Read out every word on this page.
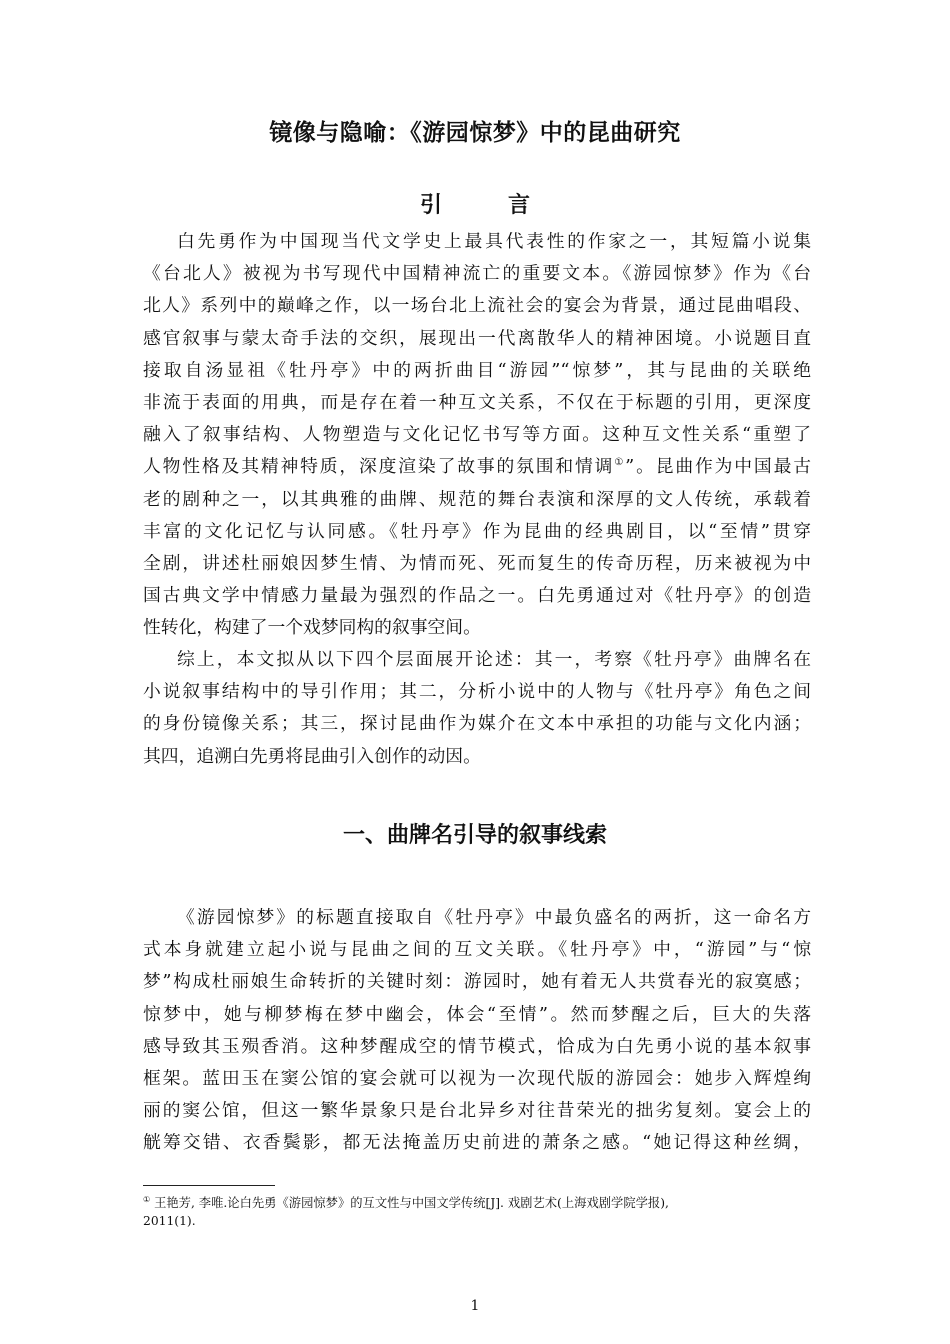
镜像与隐喻：《游园惊梦》中的昆曲研究
引	言
白先勇作为中国现当代文学史上最具代表性的作家之一，其短篇小说集
《台北人》被视为书写现代中国精神流亡的重要文本。《游园惊梦》作为《台
北人》系列中的巅峰之作，以一场台北上流社会的宴会为背景，通过昆曲唱段、
感官叙事与蒙太奇手法的交织，展现出一代离散华人的精神困境。小说题目直
接取自汤显祖《牡丹亭》中的两折曲目“游园”“惊梦”，其与昆曲的关联绝
非流于表面的用典，而是存在着一种互文关系，不仅在于标题的引用，更深度
融入了叙事结构、人物塑造与文化记忆书写等方面。这种互文性关系“重塑了
人物性格及其精神特质，深度渲染了故事的氛围和情调①”。昆曲作为中国最古
老的剧种之一，以其典雅的曲牌、规范的舞台表演和深厚的文人传统，承载着
丰富的文化记忆与认同感。《牡丹亭》作为昆曲的经典剧目，以“至情”贯穿
全剧，讲述杜丽娘因梦生情、为情而死、死而复生的传奇历程，历来被视为中
国古典文学中情感力量最为强烈的作品之一。白先勇通过对《牡丹亭》的创造
性转化，构建了一个戏梦同构的叙事空间。
综上，本文拟从以下四个层面展开论述：其一，考察《牡丹亭》曲牌名在
小说叙事结构中的导引作用；其二，分析小说中的人物与《牡丹亭》角色之间
的身份镜像关系；其三，探讨昆曲作为媒介在文本中承担的功能与文化内涵；
其四，追溯白先勇将昆曲引入创作的动因。
一、曲牌名引导的叙事线索
《游园惊梦》的标题直接取自《牡丹亭》中最负盛名的两折，这一命名方
式本身就建立起小说与昆曲之间的互文关联。《牡丹亭》中，“游园”与“惊
梦”构成杜丽娘生命转折的关键时刻：游园时，她有着无人共赏春光的寂寞感；
惊梦中，她与柳梦梅在梦中幽会，体会“至情”。然而梦醒之后，巨大的失落
感导致其玉殒香消。这种梦醒成空的情节模式，恰成为白先勇小说的基本叙事
框架。蓝田玉在窦公馆的宴会就可以视为一次现代版的游园会：她步入辉煌绚
丽的窦公馆，但这一繁华景象只是台北异乡对往昔荣光的拙劣复刻。宴会上的
觥筹交错、衣香鬓影，都无法掩盖历史前进的萧条之感。“她记得这种丝绸，
① 王艳芳, 李唯.论白先勇《游园惊梦》的互文性与中国文学传统[J]. 戏剧艺术(上海戏剧学院学报),
2011(1).
1
